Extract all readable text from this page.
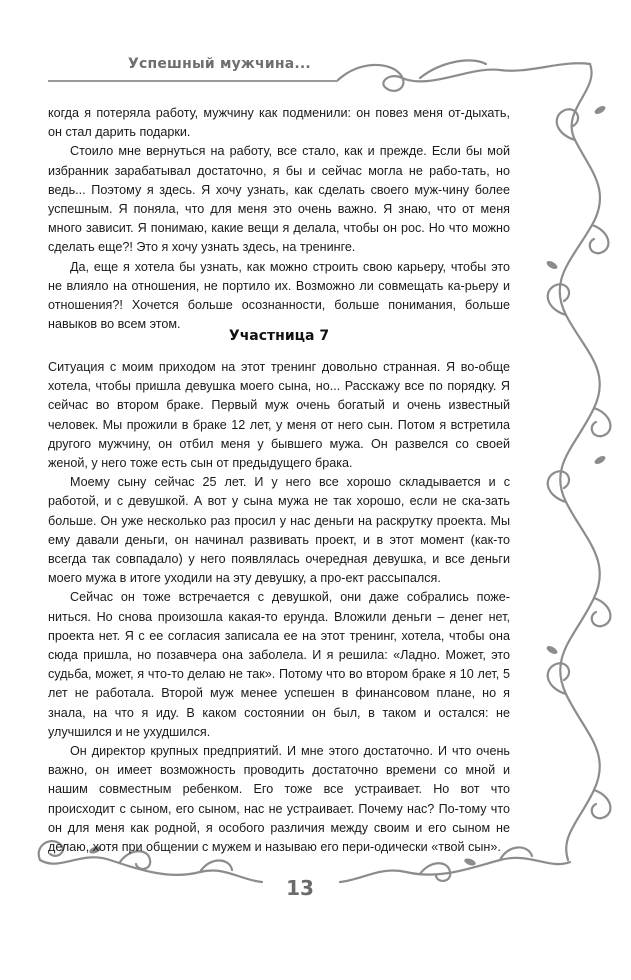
Успешный мужчина...

когда я потеряла работу, мужчину как подменили: он повез меня от-дыхать, он стал дарить подарки.

Стоило мне вернуться на работу, все стало, как и прежде. Если бы мой избранник зарабатывал достаточно, я бы и сейчас могла не рабо-тать, но ведь... Поэтому я здесь. Я хочу узнать, как сделать своего муж-чину более успешным. Я поняла, что для меня это очень важно. Я знаю, что от меня много зависит. Я понимаю, какие вещи я делала, чтобы он рос. Но что можно сделать еще?! Это я хочу узнать здесь, на тренинге.

Да, еще я хотела бы узнать, как можно строить свою карьеру, чтобы это не влияло на отношения, не портило их. Возможно ли совмещать ка-рьеру и отношения?! Хочется больше осознанности, больше понимания, больше навыков во всем этом.

Участница 7

Ситуация с моим приходом на этот тренинг довольно странная. Я во-обще хотела, чтобы пришла девушка моего сына, но... Расскажу все по порядку. Я сейчас во втором браке. Первый муж очень богатый и очень известный человек. Мы прожили в браке 12 лет, у меня от него сын. Потом я встретила другого мужчину, он отбил меня у бывшего мужа. Он развелся со своей женой, у него тоже есть сын от предыдущего брака.

Моему сыну сейчас 25 лет. И у него все хорошо складывается и с работой, и с девушкой. А вот у сына мужа не так хорошо, если не ска-зать больше. Он уже несколько раз просил у нас деньги на раскрутку проекта. Мы ему давали деньги, он начинал развивать проект, и в этот момент (как-то всегда так совпадало) у него появлялась очередная девушка, и все деньги моего мужа в итоге уходили на эту девушку, а про-ект рассыпался.

Сейчас он тоже встречается с девушкой, они даже собрались поже-ниться. Но снова произошла какая-то ерунда. Вложили деньги – денег нет, проекта нет. Я с ее согласия записала ее на этот тренинг, хотела, чтобы она сюда пришла, но позавчера она заболела. И я решила: «Ладно. Может, это судьба, может, я что-то делаю не так». Потому что во втором браке я 10 лет, 5 лет не работала. Второй муж менее успешен в финансовом плане, но я знала, на что я иду. В каком состоянии он был, в таком и остался: не улучшился и не ухудшился.

Он директор крупных предприятий. И мне этого достаточно. И что очень важно, он имеет возможность проводить достаточно времени со мной и нашим совместным ребенком. Его тоже все устраивает. Но вот что происходит с сыном, его сыном, нас не устраивает. Почему нас? По-тому что он для меня как родной, я особого различия между своим и его сыном не делаю, хотя при общении с мужем и называю его пери-одически «твой сын».

13
